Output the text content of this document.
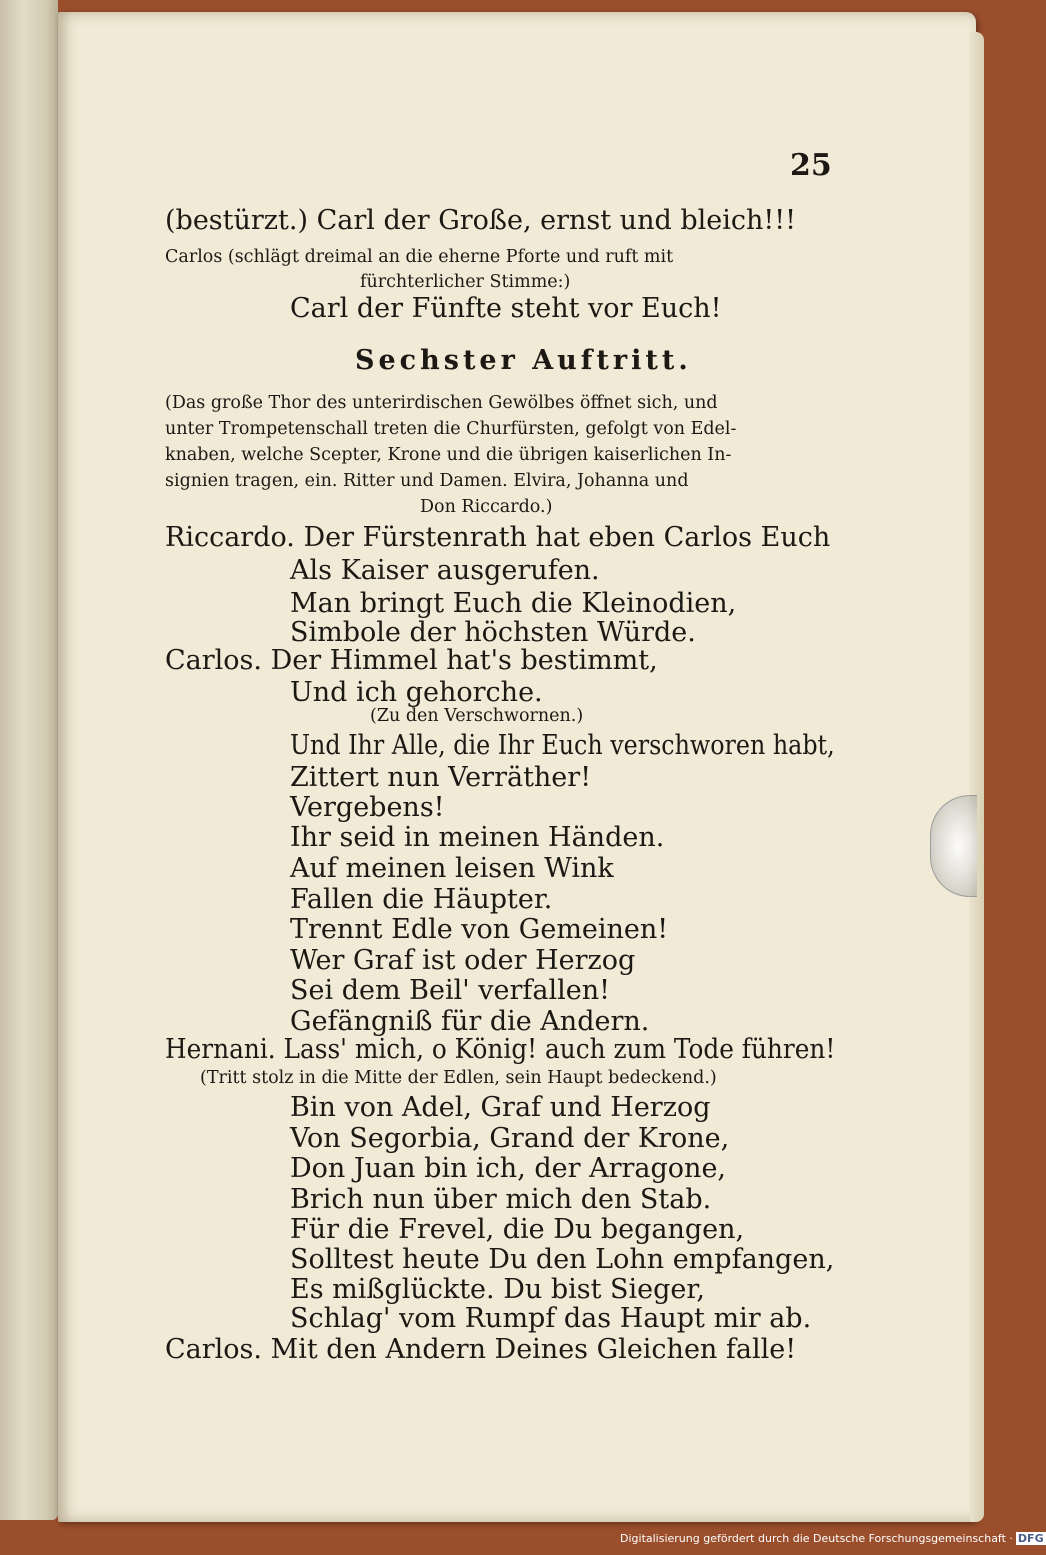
25
(bestürzt.) Carl der Große, ernst und bleich!!!
Carlos (schlägt dreimal an die eherne Pforte und ruft mit
fürchterlicher Stimme:)
Carl der Fünfte steht vor Euch!
Sechster Auftritt.
(Das große Thor des unterirdischen Gewölbes öffnet sich, und
unter Trompetenschall treten die Churfürsten, gefolgt von Edel-
knaben, welche Scepter, Krone und die übrigen kaiserlichen In-
signien tragen, ein. Ritter und Damen. Elvira, Johanna und
Don Riccardo.)
Riccardo. Der Fürstenrath hat eben Carlos Euch
Als Kaiser ausgerufen.
Man bringt Euch die Kleinodien,
Simbole der höchsten Würde.
Carlos. Der Himmel hat's bestimmt,
Und ich gehorche.
(Zu den Verschwornen.)
Und Ihr Alle, die Ihr Euch verschworen habt,
Zittert nun Verräther!
Vergebens!
Ihr seid in meinen Händen.
Auf meinen leisen Wink
Fallen die Häupter.
Trennt Edle von Gemeinen!
Wer Graf ist oder Herzog
Sei dem Beil' verfallen!
Gefängniß für die Andern.
Hernani. Lass' mich, o König! auch zum Tode führen!
(Tritt stolz in die Mitte der Edlen, sein Haupt bedeckend.)
Bin von Adel, Graf und Herzog
Von Segorbia, Grand der Krone,
Don Juan bin ich, der Arragone,
Brich nun über mich den Stab.
Für die Frevel, die Du begangen,
Solltest heute Du den Lohn empfangen,
Es mißglückte. Du bist Sieger,
Schlag' vom Rumpf das Haupt mir ab.
Carlos. Mit den Andern Deines Gleichen falle!
Digitalisierung gefördert durch die Deutsche Forschungsgemeinschaft · DFG
